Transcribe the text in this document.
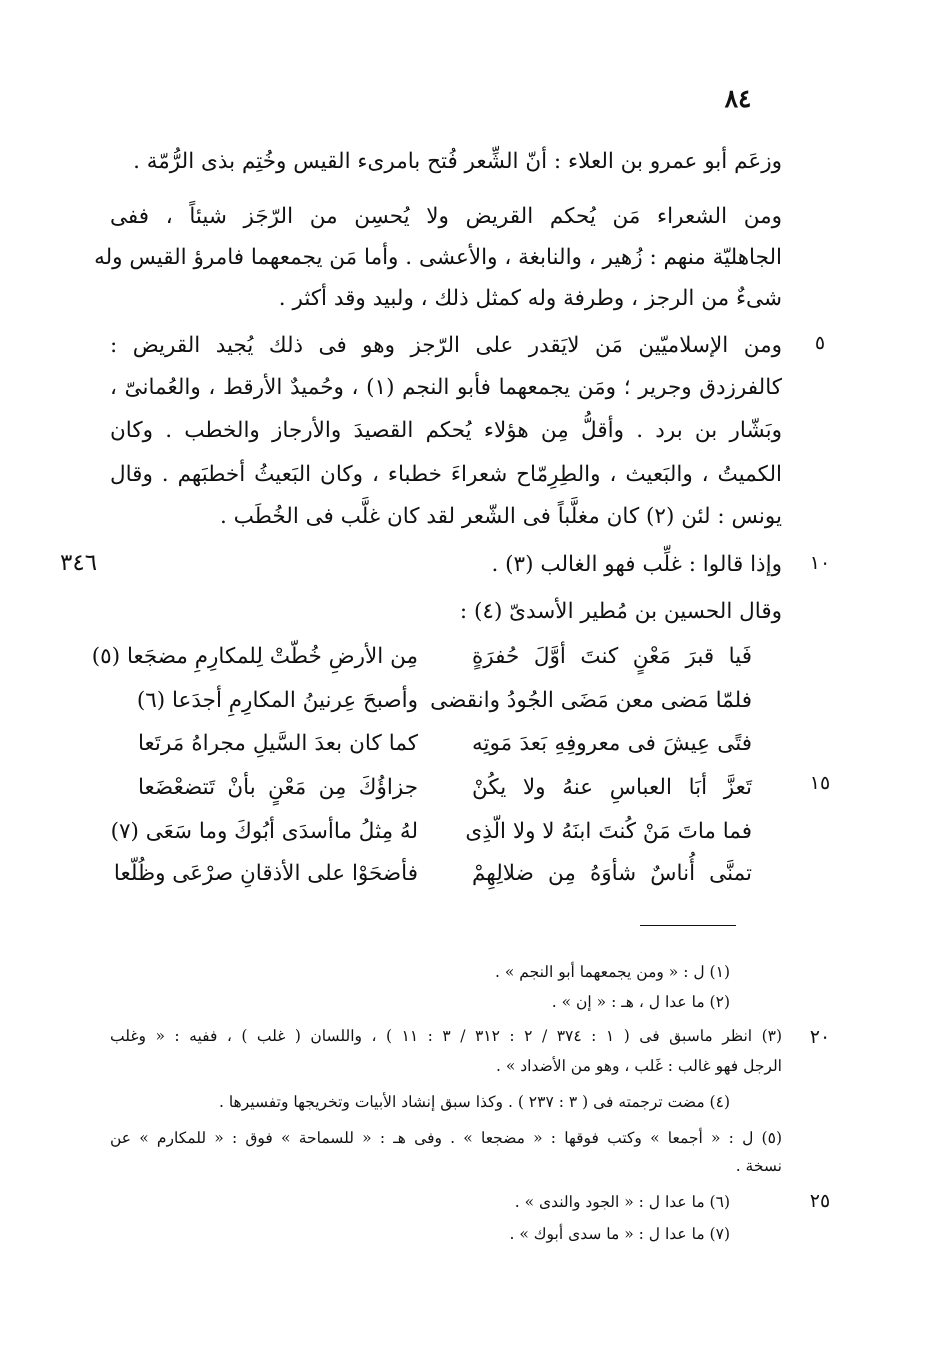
٨٤
٣٤٦
٥
١٠
١٥
٢٠
٢٥
وزعَم أبو عمرو بن العلاء : أنّ الشِّعر فُتح بامرىء القيس وخُتِم بذى الرُّمّة .
ومن الشعراء مَن يُحكم القريض ولا يُحسِن من الرّجَز شيئاً ، ففى
الجاهليّة منهم : زُهير ، والنابغة ، والأعشى . وأما مَن يجمعهما فامرؤ القيس وله
شىءٌ من الرجز ، وطرفة وله كمثل ذلك ، ولبيد وقد أكثر .
ومن الإسلاميّين مَن لايَقدر على الرّجز وهو فى ذلك يُجيد القريض :
كالفرزدق وجرير ؛ ومَن يجمعهما فأبو النجم (١) ، وحُميدٌ الأرقط ، والعُمانىّ ،
وبَشّار بن برد . وأقلُّ مِن هؤلاء يُحكم القصيدَ والأرجاز والخطب . وكان
الكميتُ ، والبَعيث ، والطِرِمّاح شعراءَ خطباء ، وكان البَعيثُ أخطبَهم . وقال
يونس : لئن (٢) كان مغلَّباً فى الشّعر لقد كان غلَّب فى الخُطَب .
وإذا قالوا : غلِّب فهو الغالب (٣) .
وقال الحسين بن مُطير الأسدىّ (٤) :
فَيا قبرَ مَعْنٍ كنتَ أوَّلَ حُفرَةٍ
مِن الأرضِ خُطّتْ لِلمكارِمِ مضجَعا (٥)
فلمّا مَضى معن مَضَى الجُودُ وانقضى
وأصبحَ عِرنينُ المكارِمِ أجدَعا (٦)
فتًى عِيشَ فى معروفِهِ بَعدَ مَوتِه
كما كان بعدَ السَّيلِ مجراهُ مَرتَعا
تَعزَّ أبَا العباسِ عنهُ ولا يكُنْ
جزاؤُكَ مِن مَعْنٍ بأنْ تَتضعْضَعا
فما ماتَ مَنْ كُنتَ ابنَهُ لا ولا الّذِى
لهُ مِثلُ ماأسدَى أبُوكَ وما سَعَى (٧)
تمنَّى أُناسٌ شأوَهُ مِن ضلالِهِمْ
فأضحَوْا على الأذقانِ صرْعَى وظُلّعا
(١) ل : « ومن يجمعهما أبو النجم » .
(٢) ما عدا ل ، هـ : « إن » .
(٣) انظر ماسبق فى ( ١ : ٣٧٤ / ٢ : ٣١٢ / ٣ : ١١ ) ، واللسان ( غلب ) ، ففيه : « وغلب
الرجل فهو غالب : غَلب ، وهو من الأضداد » .
(٤) مضت ترجمته فى ( ٣ : ٢٣٧ ) . وكذا سبق إنشاد الأبيات وتخريجها وتفسيرها .
(٥) ل : « أجمعا » وكتب فوقها : « مضجعا » . وفى هـ : « للسماحة » فوق : « للمكارم » عن
نسخة .
(٦) ما عدا ل : « الجود والندى » .
(٧) ما عدا ل : « ما سدى أبوك » .
